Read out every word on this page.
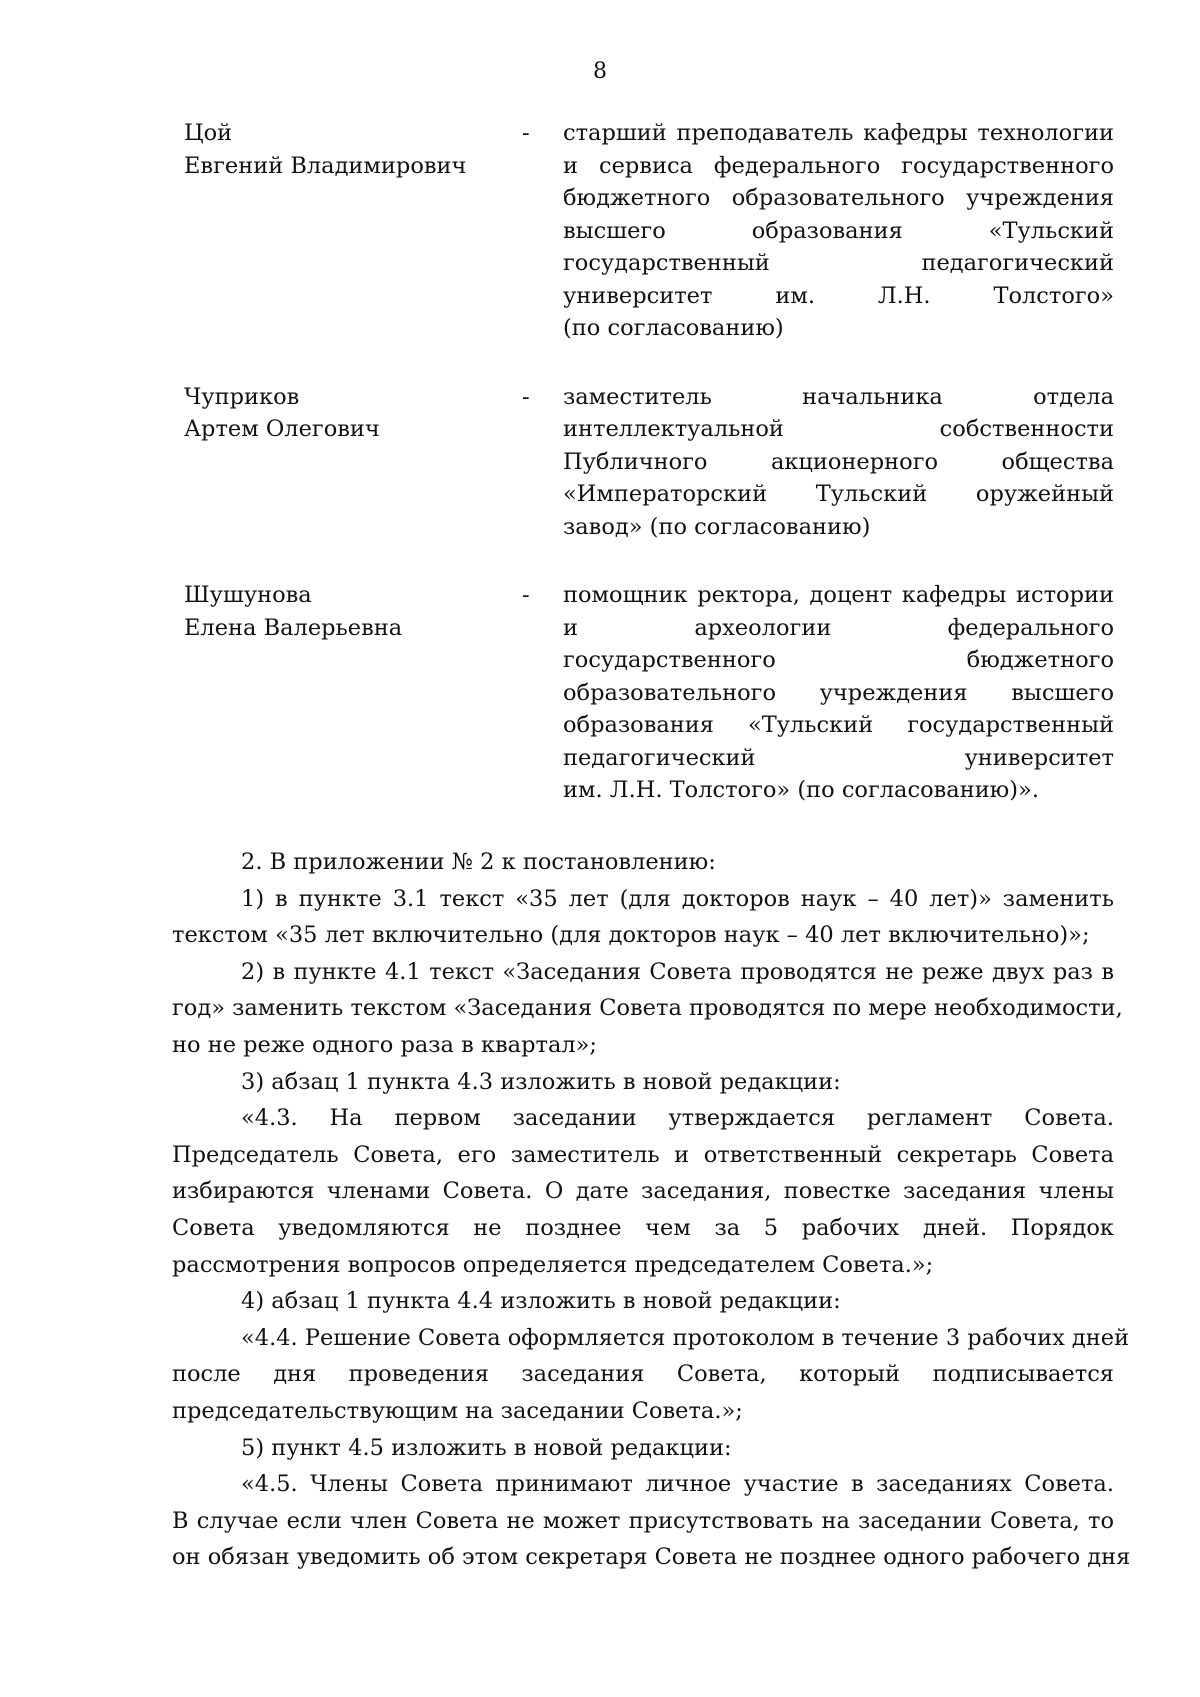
8
Цой
Евгений Владимирович
- старший преподаватель кафедры технологии
и сервиса федерального государственного
бюджетного образовательного учреждения
высшего образования «Тульский
государственный педагогический
университет им. Л.Н. Толстого»
(по согласованию)
Чуприков
Артем Олегович
- заместитель начальника отдела
интеллектуальной собственности
Публичного акционерного общества
«Императорский Тульский оружейный
завод» (по согласованию)
Шушунова
Елена Валерьевна
- помощник ректора, доцент кафедры истории
и археологии федерального
государственного бюджетного
образовательного учреждения высшего
образования «Тульский государственный
педагогический университет
им. Л.Н. Толстого» (по согласованию)».

2. В приложении № 2 к постановлению:

1) в пункте 3.1 текст «35 лет (для докторов наук – 40 лет)» заменить
текстом «35 лет включительно (для докторов наук – 40 лет включительно)»;

2) в пункте 4.1 текст «Заседания Совета проводятся не реже двух раз в
год» заменить текстом «Заседания Совета проводятся по мере необходимости,
но не реже одного раза в квартал»;

3) абзац 1 пункта 4.3 изложить в новой редакции:

«4.3. На первом заседании утверждается регламент Совета.
Председатель Совета, его заместитель и ответственный секретарь Совета
избираются членами Совета. О дате заседания, повестке заседания члены
Совета уведомляются не позднее чем за 5 рабочих дней. Порядок
рассмотрения вопросов определяется председателем Совета.»;

4) абзац 1 пункта 4.4 изложить в новой редакции:

«4.4. Решение Совета оформляется протоколом в течение 3 рабочих дней
после дня проведения заседания Совета, который подписывается
председательствующим на заседании Совета.»;

5) пункт 4.5 изложить в новой редакции:

«4.5. Члены Совета принимают личное участие в заседаниях Совета.
В случае если член Совета не может присутствовать на заседании Совета, то
он обязан уведомить об этом секретаря Совета не позднее одного рабочего дня
